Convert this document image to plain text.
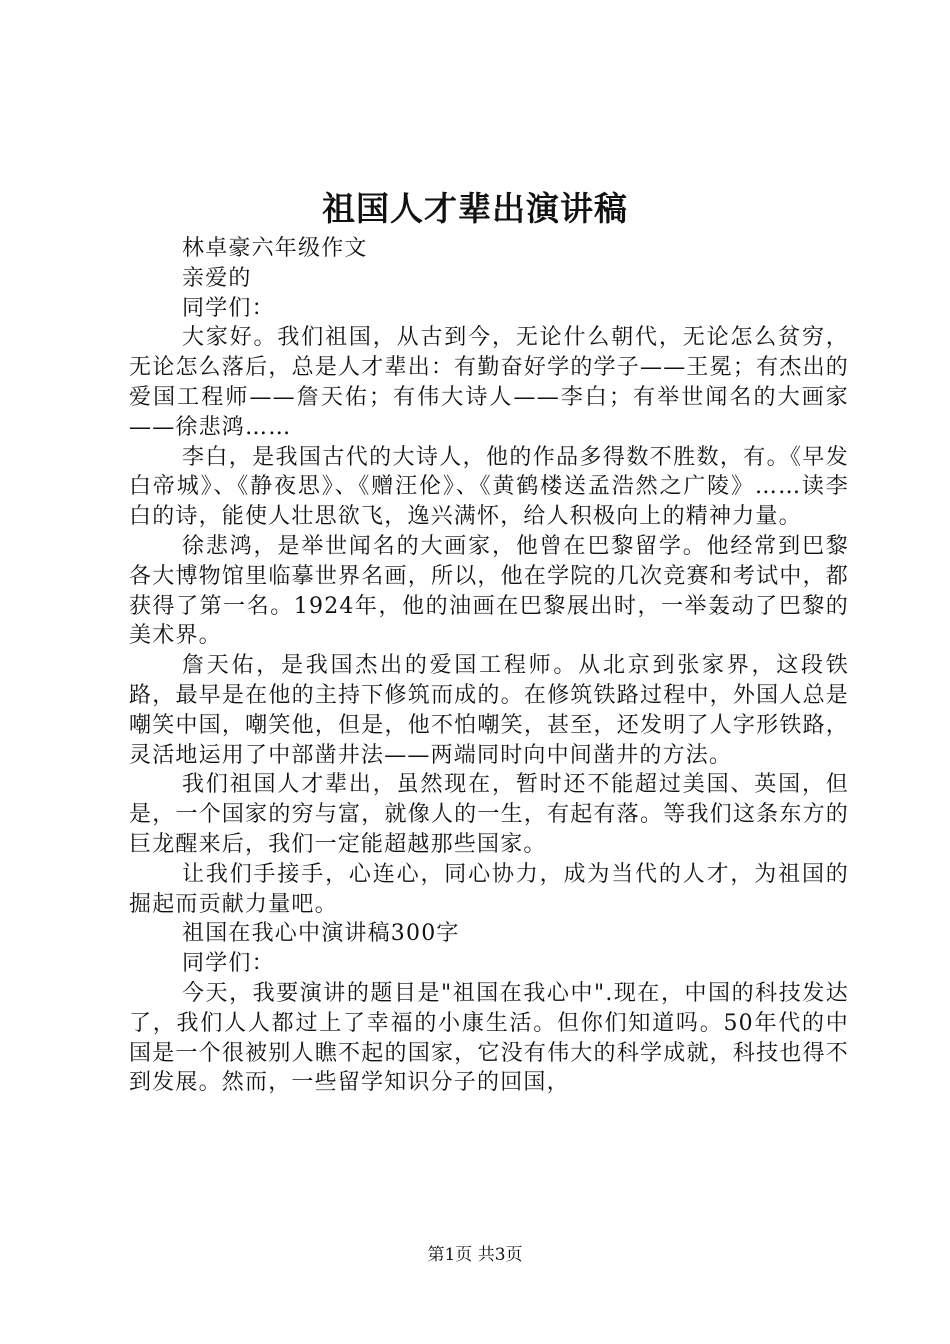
祖国人才辈出演讲稿

林卓豪六年级作文

亲爱的

同学们：

大家好。我们祖国，从古到今，无论什么朝代，无论怎么贫穷，无论怎么落后，总是人才辈出：有勤奋好学的学子——王冕；有杰出的爱国工程师——詹天佑；有伟大诗人——李白；有举世闻名的大画家——徐悲鸿……

李白，是我国古代的大诗人，他的作品多得数不胜数，有。《早发白帝城》、《静夜思》、《赠汪伦》、《黄鹤楼送孟浩然之广陵》……读李白的诗，能使人壮思欲飞，逸兴满怀，给人积极向上的精神力量。

徐悲鸿，是举世闻名的大画家，他曾在巴黎留学。他经常到巴黎各大博物馆里临摹世界名画，所以，他在学院的几次竞赛和考试中，都获得了第一名。1924年，他的油画在巴黎展出时，一举轰动了巴黎的美术界。

詹天佑，是我国杰出的爱国工程师。从北京到张家界，这段铁路，最早是在他的主持下修筑而成的。在修筑铁路过程中，外国人总是嘲笑中国，嘲笑他，但是，他不怕嘲笑，甚至，还发明了人字形铁路，灵活地运用了中部凿井法——两端同时向中间凿井的方法。

我们祖国人才辈出，虽然现在，暂时还不能超过美国、英国，但是，一个国家的穷与富，就像人的一生，有起有落。等我们这条东方的巨龙醒来后，我们一定能超越那些国家。

让我们手接手，心连心，同心协力，成为当代的人才，为祖国的掘起而贡献力量吧。

祖国在我心中演讲稿300字

同学们：

今天，我要演讲的题目是"祖国在我心中".现在，中国的科技发达了，我们人人都过上了幸福的小康生活。但你们知道吗。50年代的中国是一个很被别人瞧不起的国家，它没有伟大的科学成就，科技也得不到发展。然而，一些留学知识分子的回国，

第1页 共3页
